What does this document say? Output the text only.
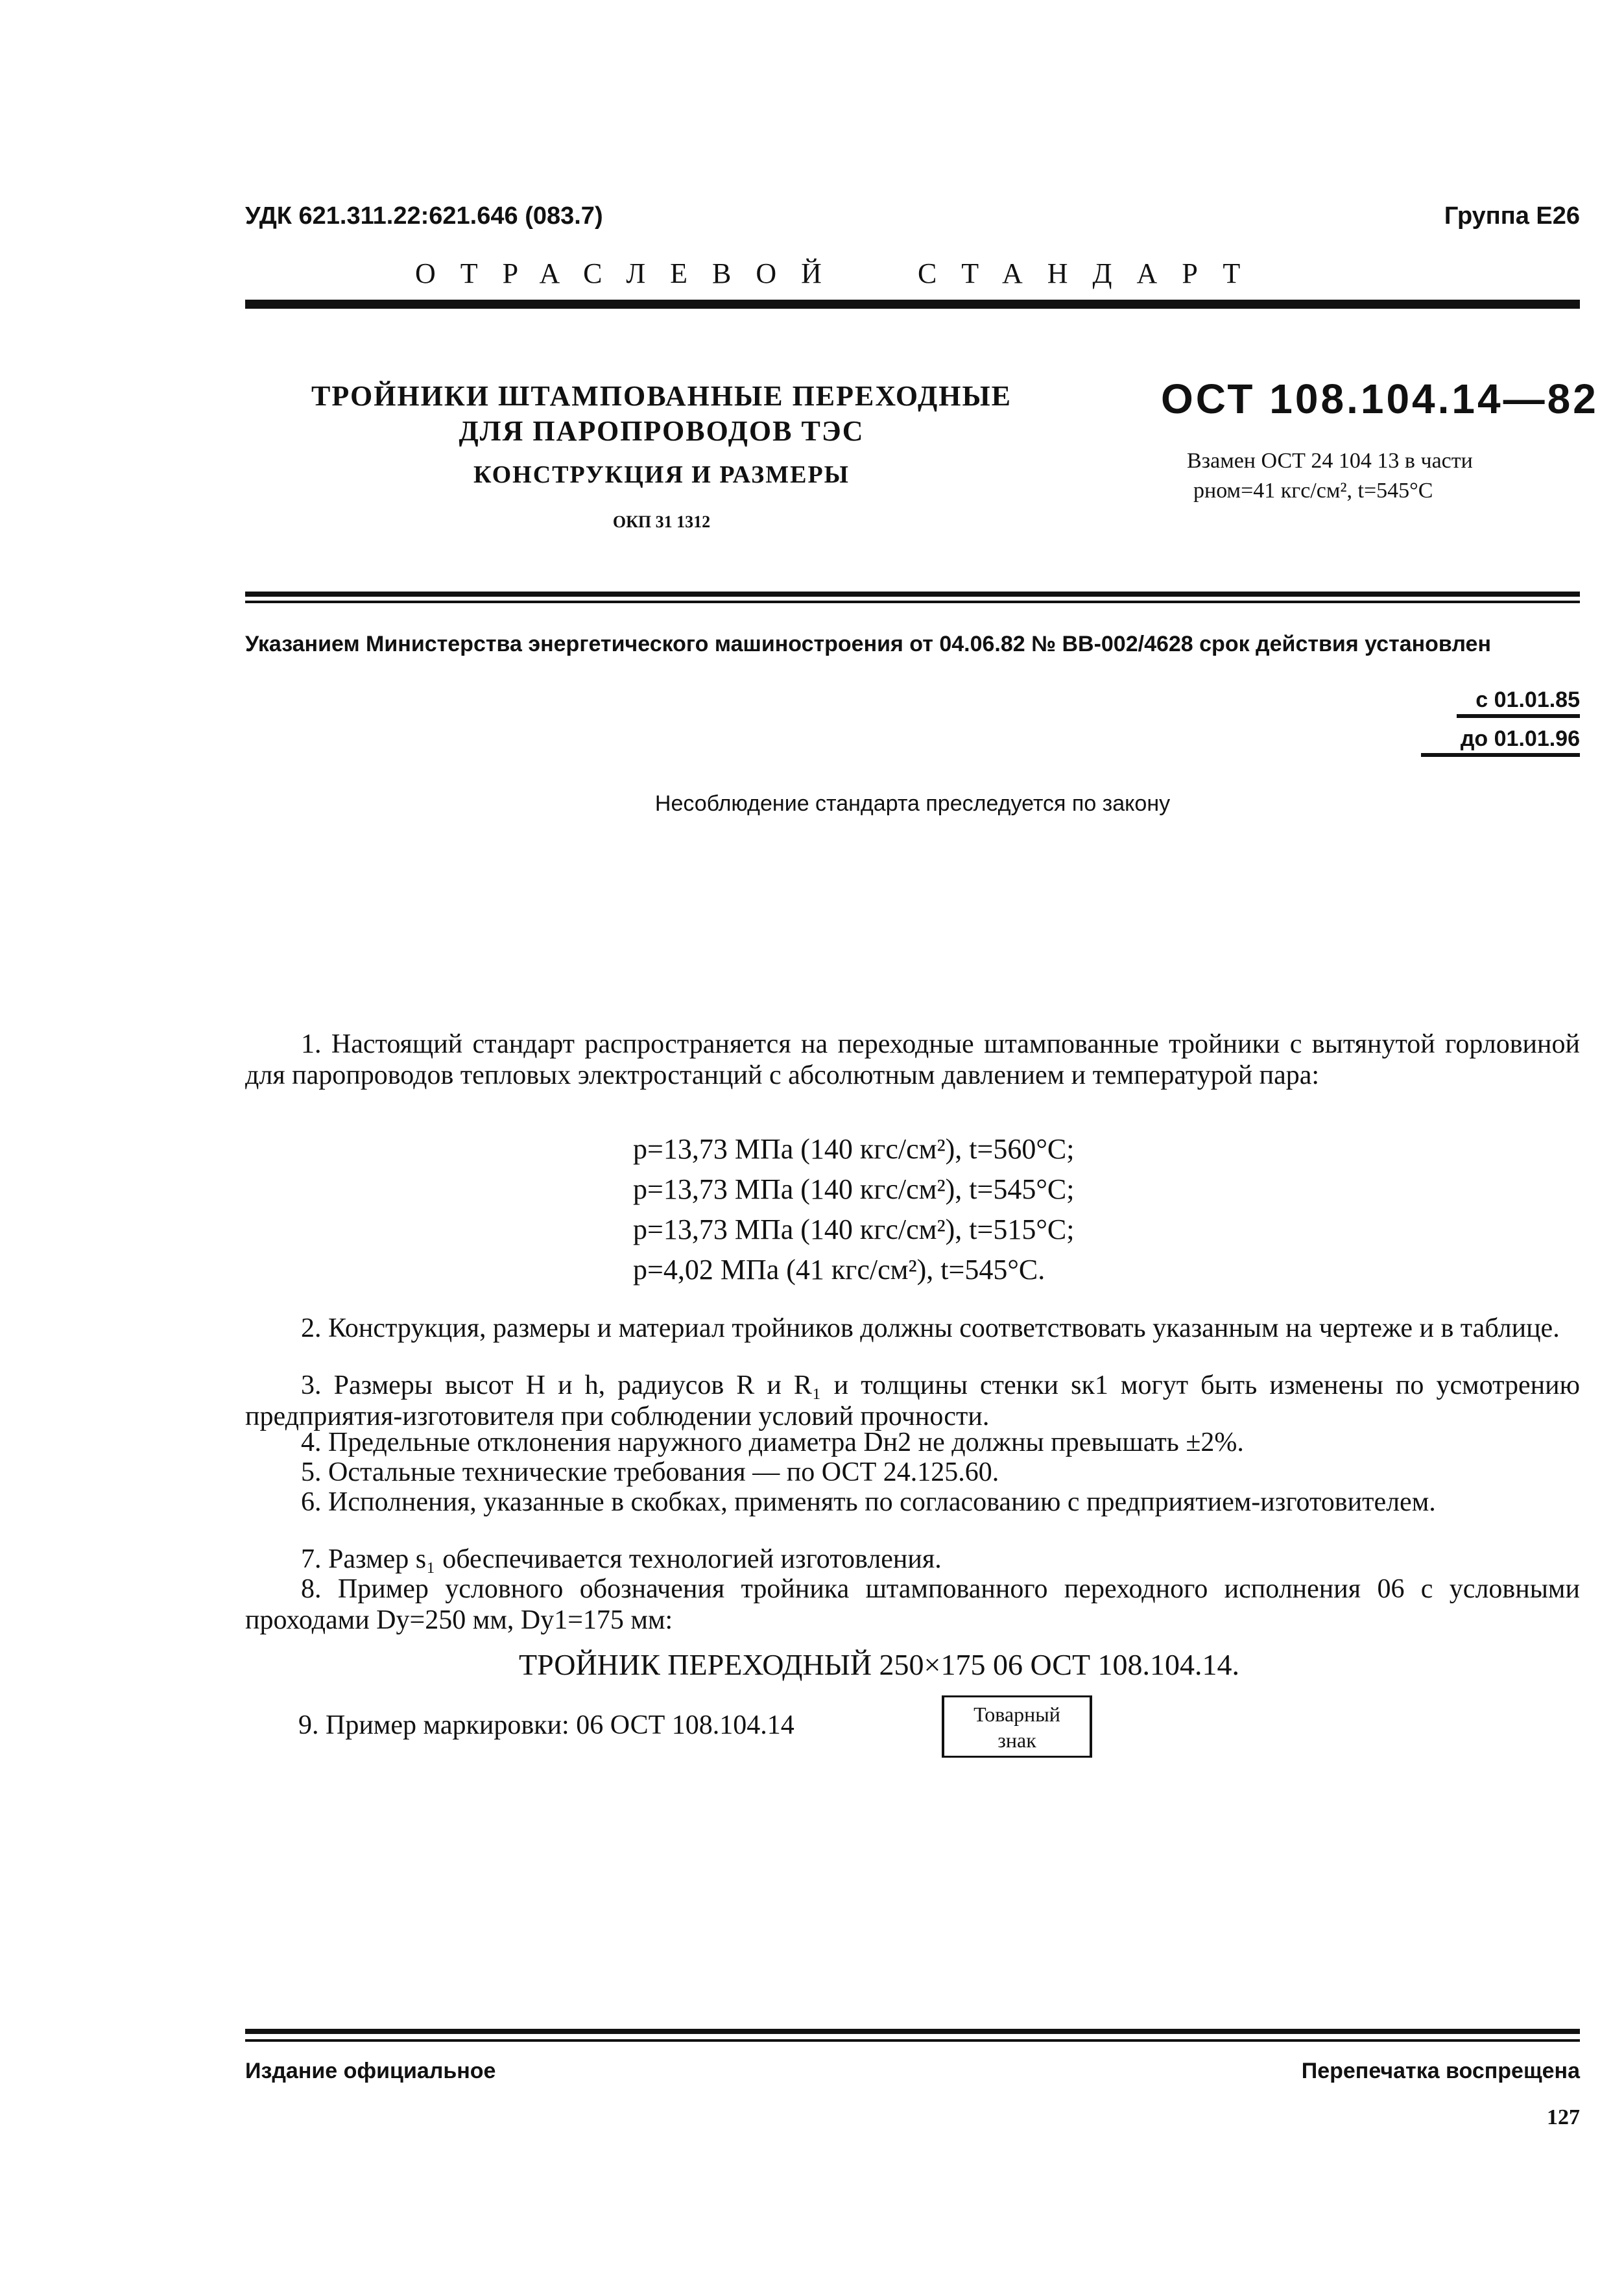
УДК 621.311.22:621.646 (083.7)	Группа Е26
ОТРАСЛЕВОЙ	СТАНДАРТ
ТРОЙНИКИ ШТАМПОВАННЫЕ ПЕРЕХОДНЫЕ
ДЛЯ ПАРОПРОВОДОВ ТЭС
КОНСТРУКЦИЯ И РАЗМЕРЫ
ОКП 31 1312
ОСТ 108.104.14—82
Взамен ОСТ 24 104 13 в части
pном=41 кгс/см², t=545°С
Указанием Министерства энергетического машиностроения от 04.06.82 № ВВ-002/4628 срок действия установлен
с 01.01.85
до 01.01.96
Несоблюдение стандарта преследуется по закону
1. Настоящий стандарт распространяется на переходные штампованные тройники с вытянутой горловиной для паропроводов тепловых электростанций с абсолютным давлением и температурой пара:
p=13,73 МПа (140 кгс/см²), t=560°С;
p=13,73 МПа (140 кгс/см²), t=545°С;
p=13,73 МПа (140 кгс/см²), t=515°С;
p=4,02 МПа (41 кгс/см²), t=545°С.
2. Конструкция, размеры и материал тройников должны соответствовать указанным на чертеже и в таблице.
3. Размеры высот H и h, радиусов R и R₁ и толщины стенки sк1 могут быть изменены по усмотрению предприятия-изготовителя при соблюдении условий прочности.
4. Предельные отклонения наружного диаметра Dн2 не должны превышать ±2%.
5. Остальные технические требования — по ОСТ 24.125.60.
6. Исполнения, указанные в скобках, применять по согласованию с предприятием-изготовителем.
7. Размер s₁ обеспечивается технологией изготовления.
8. Пример условного обозначения тройника штампованного переходного исполнения 06 с условными проходами Dу=250 мм, Dу1=175 мм:
ТРОЙНИК ПЕРЕХОДНЫЙ 250×175 06 ОСТ 108.104.14.
9. Пример маркировки: 06 ОСТ 108.104.14	Товарный
знак
Издание официальное	Перепечатка воспрещена
127
